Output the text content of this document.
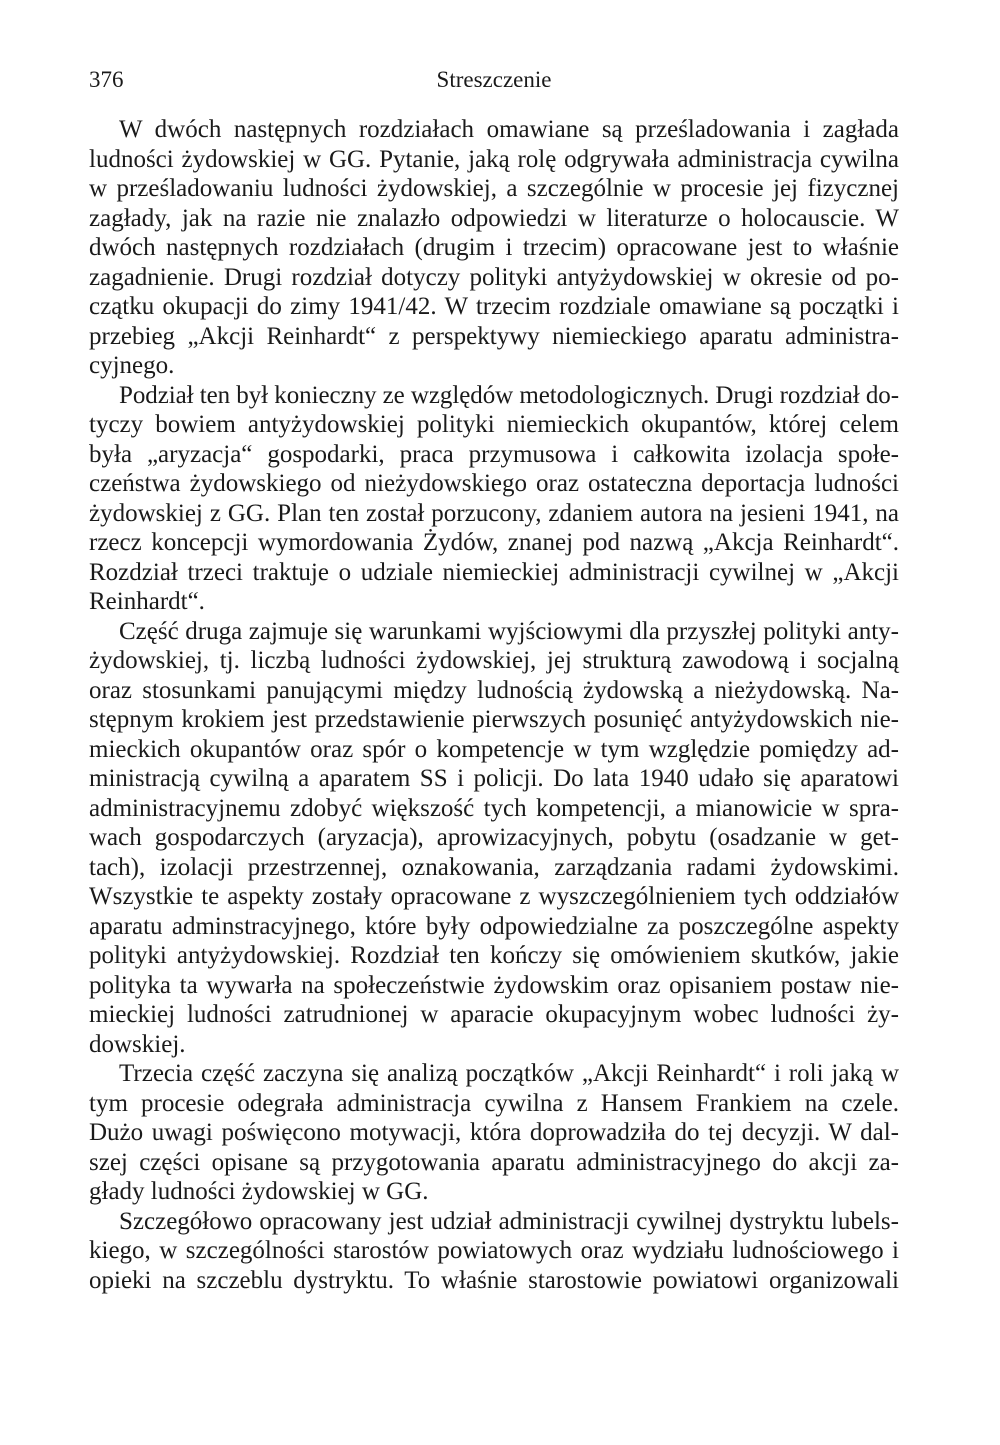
376	Streszczenie
W dwóch następnych rozdziałach omawiane są prześladowania i zagłada
ludności żydowskiej w GG. Pytanie, jaką rolę odgrywała administracja cywilna
w prześladowaniu ludności żydowskiej, a szczególnie w procesie jej fizycznej
zagłady, jak na razie nie znalazło odpowiedzi w literaturze o holocauscie. W
dwóch następnych rozdziałach (drugim i trzecim) opracowane jest to właśnie
zagadnienie. Drugi rozdział dotyczy polityki antyżydowskiej w okresie od po-
czątku okupacji do zimy 1941/42. W trzecim rozdziale omawiane są początki i
przebieg „Akcji Reinhardt“ z perspektywy niemieckiego aparatu administra-
cyjnego.
Podział ten był konieczny ze względów metodologicznych. Drugi rozdział do-
tyczy bowiem antyżydowskiej polityki niemieckich okupantów, której celem
była „aryzacja“ gospodarki, praca przymusowa i całkowita izolacja społe-
czeństwa żydowskiego od nieżydowskiego oraz ostateczna deportacja ludności
żydowskiej z GG. Plan ten został porzucony, zdaniem autora na jesieni 1941, na
rzecz koncepcji wymordowania Żydów, znanej pod nazwą „Akcja Reinhardt“.
Rozdział trzeci traktuje o udziale niemieckiej administracji cywilnej w „Akcji
Reinhardt“.
Część druga zajmuje się warunkami wyjściowymi dla przyszłej polityki anty-
żydowskiej, tj. liczbą ludności żydowskiej, jej strukturą zawodową i socjalną
oraz stosunkami panującymi między ludnością żydowską a nieżydowską. Na-
stępnym krokiem jest przedstawienie pierwszych posunięć antyżydowskich nie-
mieckich okupantów oraz spór o kompetencje w tym względzie pomiędzy ad-
ministracją cywilną a aparatem SS i policji. Do lata 1940 udało się aparatowi
administracyjnemu zdobyć większość tych kompetencji, a mianowicie w spra-
wach gospodarczych (aryzacja), aprowizacyjnych, pobytu (osadzanie w get-
tach), izolacji przestrzennej, oznakowania, zarządzania radami żydowskimi.
Wszystkie te aspekty zostały opracowane z wyszczególnieniem tych oddziałów
aparatu adminstracyjnego, które były odpowiedzialne za poszczególne aspekty
polityki antyżydowskiej. Rozdział ten kończy się omówieniem skutków, jakie
polityka ta wywarła na społeczeństwie żydowskim oraz opisaniem postaw nie-
mieckiej ludności zatrudnionej w aparacie okupacyjnym wobec ludności ży-
dowskiej.
Trzecia część zaczyna się analizą początków „Akcji Reinhardt“ i roli jaką w
tym procesie odegrała administracja cywilna z Hansem Frankiem na czele.
Dużo uwagi poświęcono motywacji, która doprowadziła do tej decyzji. W dal-
szej części opisane są przygotowania aparatu administracyjnego do akcji za-
głady ludności żydowskiej w GG.
Szczegółowo opracowany jest udział administracji cywilnej dystryktu lubels-
kiego, w szczególności starostów powiatowych oraz wydziału ludnościowego i
opieki na szczeblu dystryktu. To właśnie starostowie powiatowi organizowali
